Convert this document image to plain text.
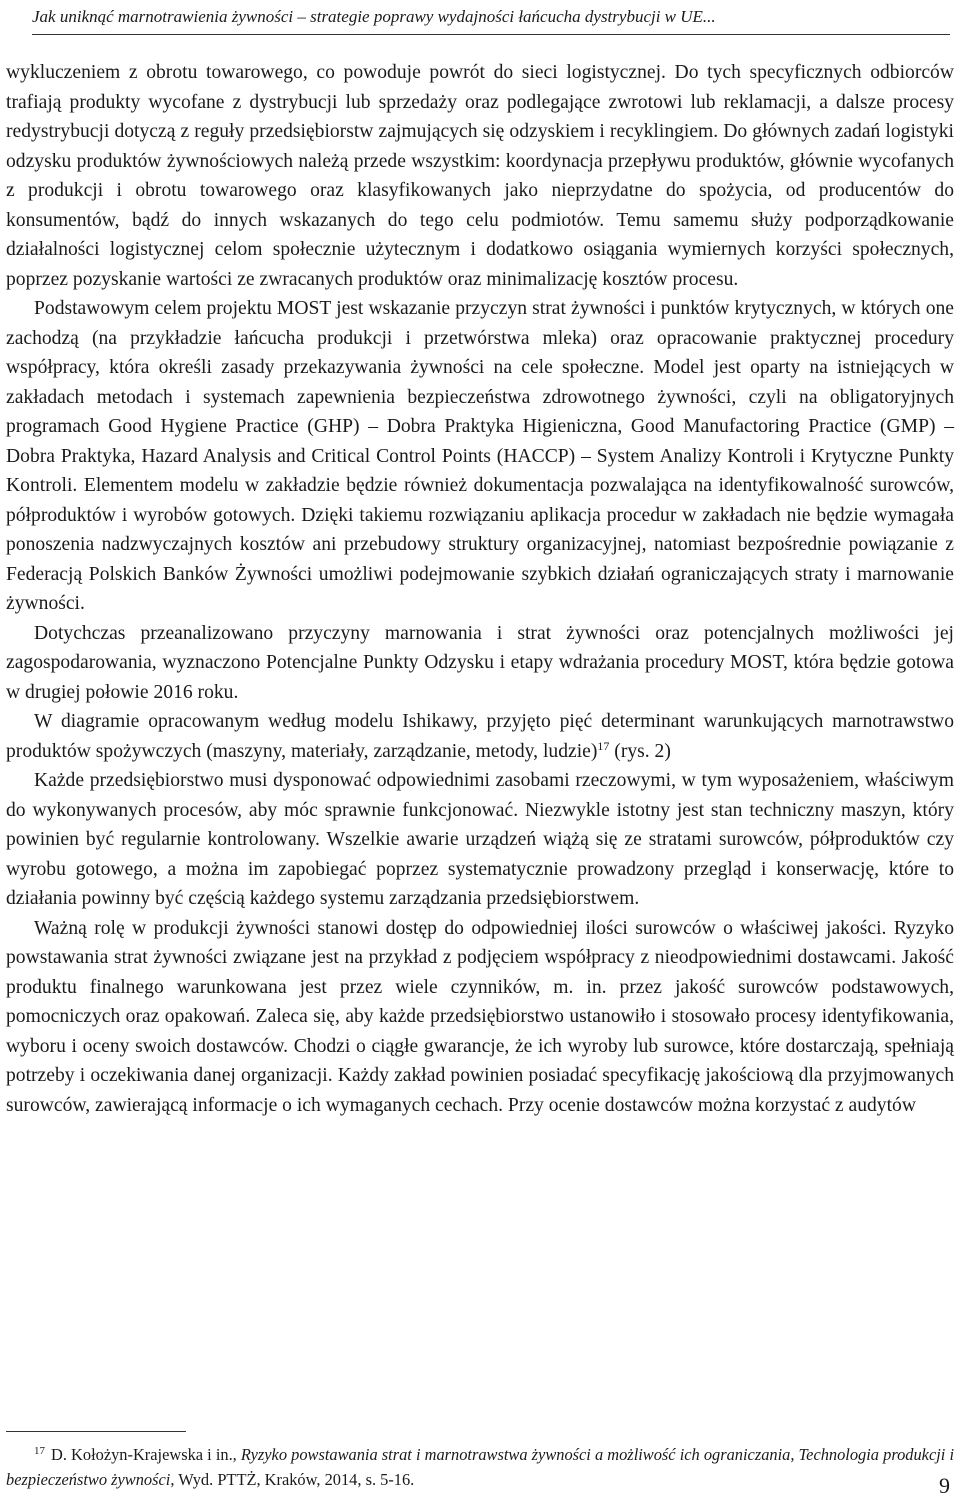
Jak uniknąć marnotrawienia żywności – strategie poprawy wydajności łańcucha dystrybucji w UE...

wykluczeniem z obrotu towarowego, co powoduje powrót do sieci logistycznej. Do tych specyficznych odbiorców trafiają produkty wycofane z dystrybucji lub sprzedaży oraz podlegające zwrotowi lub reklamacji, a dalsze procesy redystrybucji dotyczą z reguły przedsiębiorstw zajmujących się odzyskiem i recyklingiem. Do głównych zadań logistyki odzysku produktów żywnościowych należą przede wszystkim: koordynacja przepływu produktów, głównie wycofanych z produkcji i obrotu towarowego oraz klasyfikowanych jako nieprzydatne do spożycia, od producentów do konsumentów, bądź do innych wskazanych do tego celu podmiotów. Temu samemu służy podporządkowanie działalności logistycznej celom społecznie użytecznym i dodatkowo osiągania wymiernych korzyści społecznych, poprzez pozyskanie wartości ze zwracanych produktów oraz minimalizację kosztów procesu.

Podstawowym celem projektu MOST jest wskazanie przyczyn strat żywności i punktów krytycznych, w których one zachodzą (na przykładzie łańcucha produkcji i przetwórstwa mleka) oraz opracowanie praktycznej procedury współpracy, która określi zasady przekazywania żywności na cele społeczne. Model jest oparty na istniejących w zakładach metodach i systemach zapewnienia bezpieczeństwa zdrowotnego żywności, czyli na obligatoryjnych programach Good Hygiene Practice (GHP) – Dobra Praktyka Higieniczna, Good Manufactoring Practice (GMP) – Dobra Praktyka, Hazard Analysis and Critical Control Points (HACCP) – System Analizy Kontroli i Krytyczne Punkty Kontroli. Elementem modelu w zakładzie będzie również dokumentacja pozwalająca na identyfikowalność surowców, półproduktów i wyrobów gotowych. Dzięki takiemu rozwiązaniu aplikacja procedur w zakładach nie będzie wymagała ponoszenia nadzwyczajnych kosztów ani przebudowy struktury organizacyjnej, natomiast bezpośrednie powiązanie z Federacją Polskich Banków Żywności umożliwi podejmowanie szybkich działań ograniczających straty i marnowanie żywności.

Dotychczas przeanalizowano przyczyny marnowania i strat żywności oraz potencjalnych możliwości jej zagospodarowania, wyznaczono Potencjalne Punkty Odzysku i etapy wdrażania procedury MOST, która będzie gotowa w drugiej połowie 2016 roku.

W diagramie opracowanym według modelu Ishikawy, przyjęto pięć determinant warunkujących marnotrawstwo produktów spożywczych (maszyny, materiały, zarządzanie, metody, ludzie)$^{17}$ (rys. 2)

Każde przedsiębiorstwo musi dysponować odpowiednimi zasobami rzeczowymi, w tym wyposażeniem, właściwym do wykonywanych procesów, aby móc sprawnie funkcjonować. Niezwykle istotny jest stan techniczny maszyn, który powinien być regularnie kontrolowany. Wszelkie awarie urządzeń wiążą się ze stratami surowców, półproduktów czy wyrobu gotowego, a można im zapobiegać poprzez systematycznie prowadzony przegląd i konserwację, które to działania powinny być częścią każdego systemu zarządzania przedsiębiorstwem.

Ważną rolę w produkcji żywności stanowi dostęp do odpowiedniej ilości surowców o właściwej jakości. Ryzyko powstawania strat żywności związane jest na przykład z podjęciem współpracy z nieodpowiednimi dostawcami. Jakość produktu finalnego warunkowana jest przez wiele czynników, m. in. przez jakość surowców podstawowych, pomocniczych oraz opakowań. Zaleca się, aby każde przedsiębiorstwo ustanowiło i stosowało procesy identyfikowania, wyboru i oceny swoich dostawców. Chodzi o ciągłe gwarancje, że ich wyroby lub surowce, które dostarczają, spełniają potrzeby i oczekiwania danej organizacji. Każdy zakład powinien posiadać specyfikację jakościową dla przyjmowanych surowców, zawierającą informacje o ich wymaganych cechach. Przy ocenie dostawców można korzystać z audytów

$^{17}$ D. Kołożyn-Krajewska i in., Ryzyko powstawania strat i marnotrawstwa żywności a możliwość ich ograniczania, Technologia produkcji i bezpieczeństwo żywności, Wyd. PTTŻ, Kraków, 2014, s. 5-16.	9
